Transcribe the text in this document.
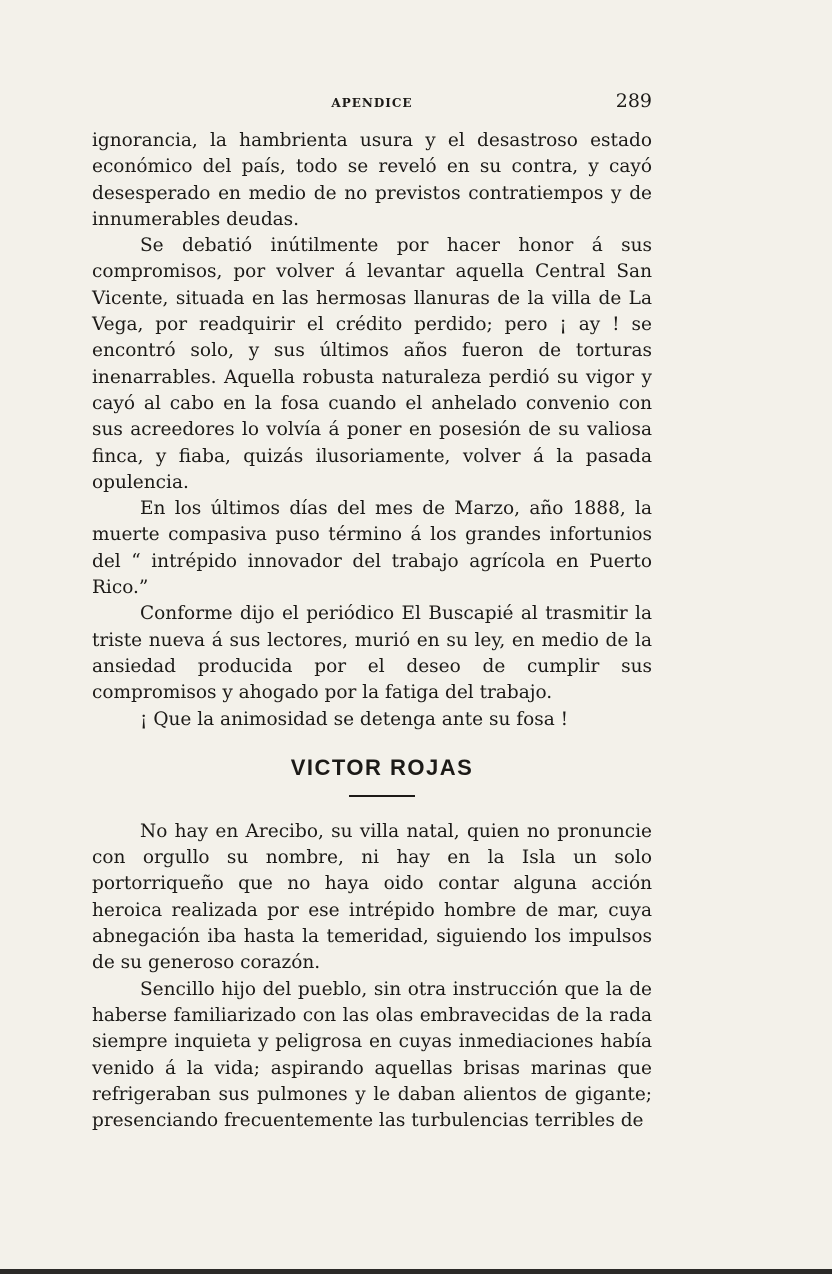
APENDICE	289

ignorancia, la hambrienta usura y el desastroso estado económico del país, todo se reveló en su contra, y cayó desesperado en medio de no previstos contratiempos y de innumerables deudas.

Se debatió inútilmente por hacer honor á sus compromisos, por volver á levantar aquella Central San Vicente, situada en las hermosas llanuras de la villa de La Vega, por readquirir el crédito perdido; pero ¡ ay ! se encontró solo, y sus últimos años fueron de torturas inenarrables. Aquella robusta naturaleza perdió su vigor y cayó al cabo en la fosa cuando el anhelado convenio con sus acreedores lo volvía á poner en posesión de su valiosa finca, y fiaba, quizás ilusoriamente, volver á la pasada opulencia.

En los últimos días del mes de Marzo, año 1888, la muerte compasiva puso término á los grandes infortunios del “ intrépido innovador del trabajo agrícola en Puerto Rico.”

Conforme dijo el periódico El Buscapié al trasmitir la triste nueva á sus lectores, murió en su ley, en medio de la ansiedad producida por el deseo de cumplir sus compromisos y ahogado por la fatiga del trabajo.

¡ Que la animosidad se detenga ante su fosa !

VICTOR ROJAS

No hay en Arecibo, su villa natal, quien no pronuncie con orgullo su nombre, ni hay en la Isla un solo portorriqueño que no haya oido contar alguna acción heroica realizada por ese intrépido hombre de mar, cuya abnegación iba hasta la temeridad, siguiendo los impulsos de su generoso corazón.

Sencillo hijo del pueblo, sin otra instrucción que la de haberse familiarizado con las olas embravecidas de la rada siempre inquieta y peligrosa en cuyas inmediaciones había venido á la vida; aspirando aquellas brisas marinas que refrigeraban sus pulmones y le daban alientos de gigante; presenciando frecuentemente las turbulencias terribles de
